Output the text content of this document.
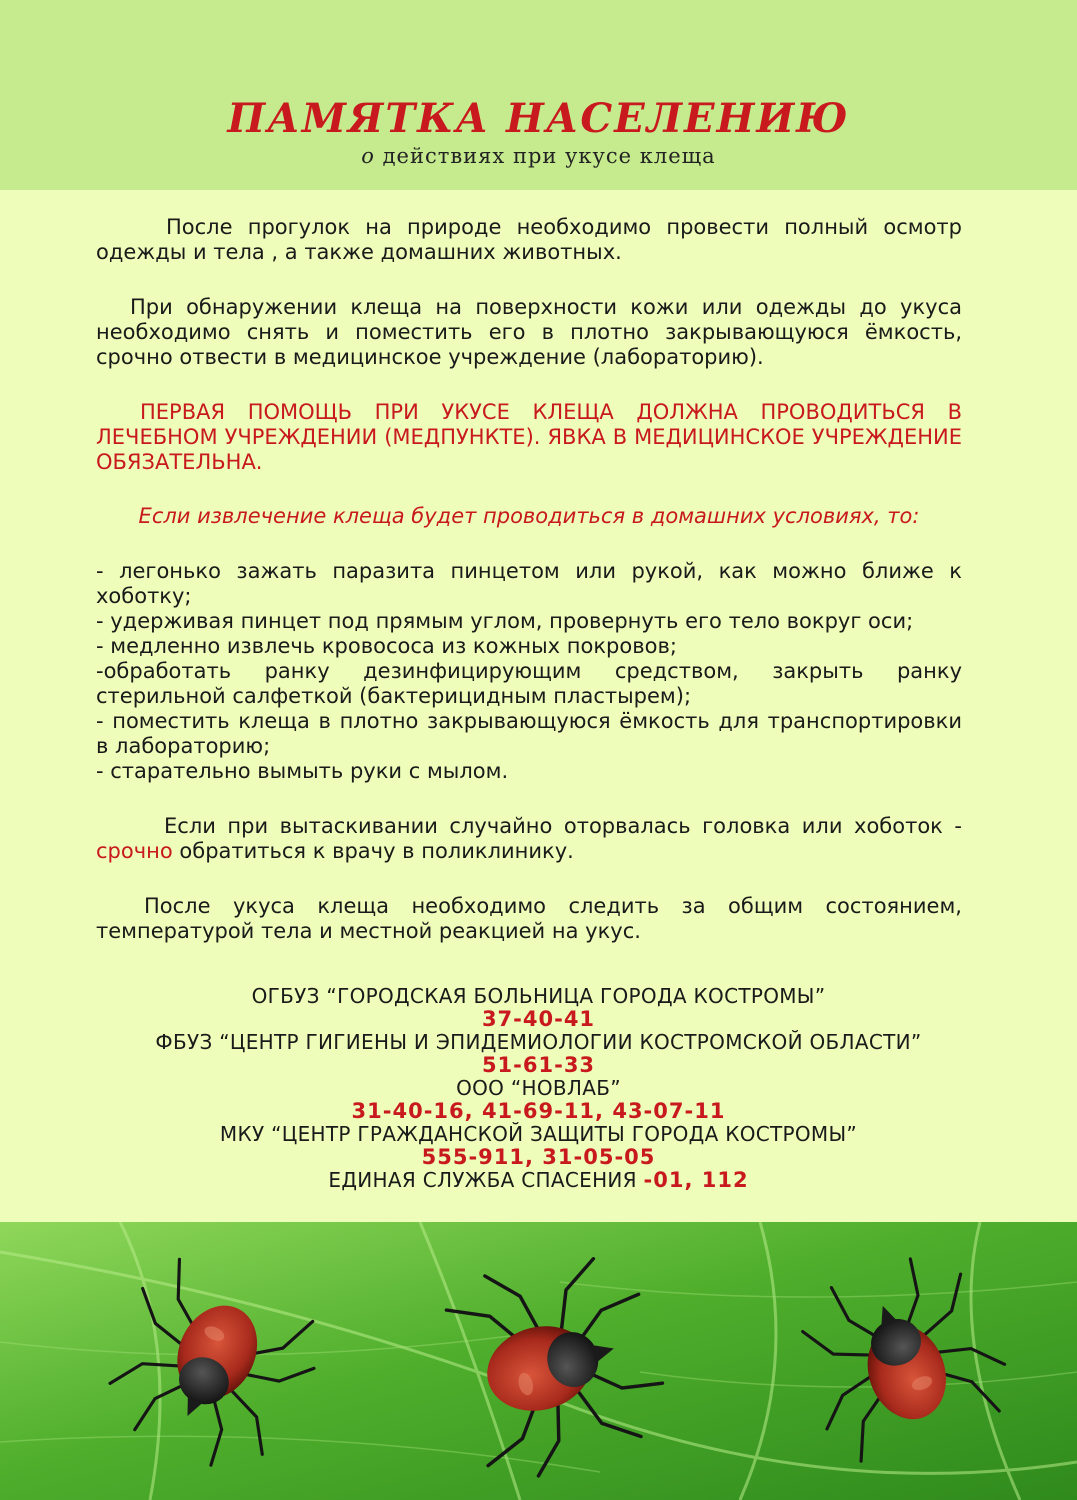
ПАМЯТКА НАСЕЛЕНИЮ
о действиях при укусе клеща

После прогулок на природе необходимо провести полный осмотр одежды и тела , а также домашних животных.

При обнаружении клеща на поверхности кожи или одежды до укуса необходимо снять и поместить его в плотно закрывающуюся ёмкость, срочно отвести в медицинское учреждение (лабораторию).

ПЕРВАЯ ПОМОЩЬ ПРИ УКУСЕ КЛЕЩА ДОЛЖНА ПРОВОДИТЬСЯ В ЛЕЧЕБНОМ УЧРЕЖДЕНИИ (МЕДПУНКТЕ). ЯВКА В МЕДИЦИНСКОЕ УЧРЕЖДЕНИЕ ОБЯЗАТЕЛЬНА.

Если извлечение клеща будет проводиться в домашних условиях, то:

- легонько зажать паразита пинцетом или рукой, как можно ближе к хоботку;
- удерживая пинцет под прямым углом, провернуть его тело вокруг оси;
- медленно извлечь кровососа из кожных покровов;
-обработать ранку дезинфицирующим средством, закрыть ранку стерильной салфеткой (бактерицидным пластырем);
- поместить клеща в плотно закрывающуюся ёмкость для транспортировки в лабораторию;
- старательно вымыть руки с мылом.

Если при вытаскивании случайно оторвалась головка или хоботок - срочно обратиться к врачу в поликлинику.

После укуса клеща необходимо следить за общим состоянием, температурой тела и местной реакцией на укус.

ОГБУЗ “ГОРОДСКАЯ БОЛЬНИЦА ГОРОДА КОСТРОМЫ”
37-40-41
ФБУЗ “ЦЕНТР ГИГИЕНЫ И ЭПИДЕМИОЛОГИИ КОСТРОМСКОЙ ОБЛАСТИ”
51-61-33
ООО “НОВЛАБ”
31-40-16, 41-69-11, 43-07-11
МКУ “ЦЕНТР ГРАЖДАНСКОЙ ЗАЩИТЫ ГОРОДА КОСТРОМЫ”
555-911, 31-05-05
ЕДИНАЯ СЛУЖБА СПАСЕНИЯ -01, 112
